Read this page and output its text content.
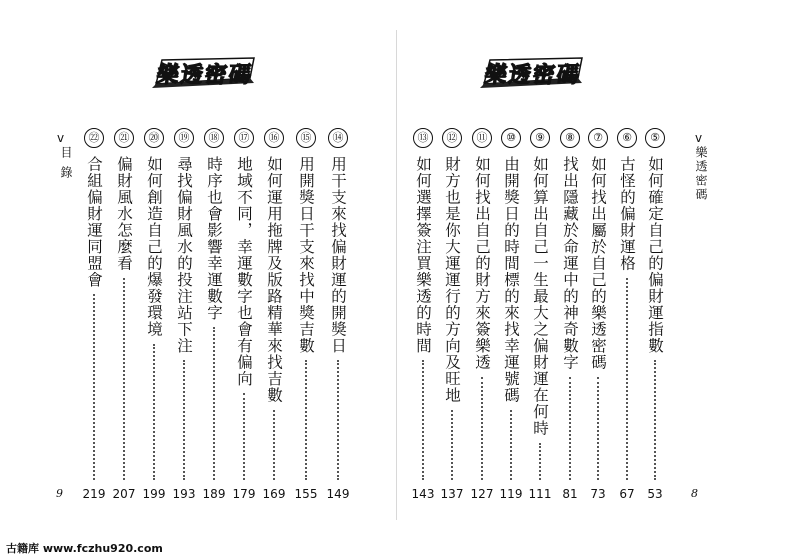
樂透密碼	樂透密碼
v
目 錄
9
v
樂透密碼
8
⑭
用干支來找偏財運的開獎日
149
⑮
用開獎日干支來找中獎吉數
155
⑯
如何運用拖牌及版路精華來找吉數
169
⑰
地域不同，幸運數字也會有偏向
179
⑱
時序也會影響幸運數字
189
⑲
尋找偏財風水的投注站下注
193
⑳
如何創造自己的爆發環境
199
㉑
偏財風水怎麼看
207
㉒
合組偏財運同盟會
219
⑤
如何確定自己的偏財運指數
53
⑥
古怪的偏財運格
67
⑦
如何找出屬於自己的樂透密碼
73
⑧
找出隱藏於命運中的神奇數字
81
⑨
如何算出自己一生最大之偏財運在何時
111
⑩
由開獎日的時間標的來找幸運號碼
119
⑪
如何找出自己的財方來簽樂透
127
⑫
財方也是你大運運行的方向及旺地
137
⑬
如何選擇簽注買樂透的時間
143
古籍库 www.fczhu920.com
